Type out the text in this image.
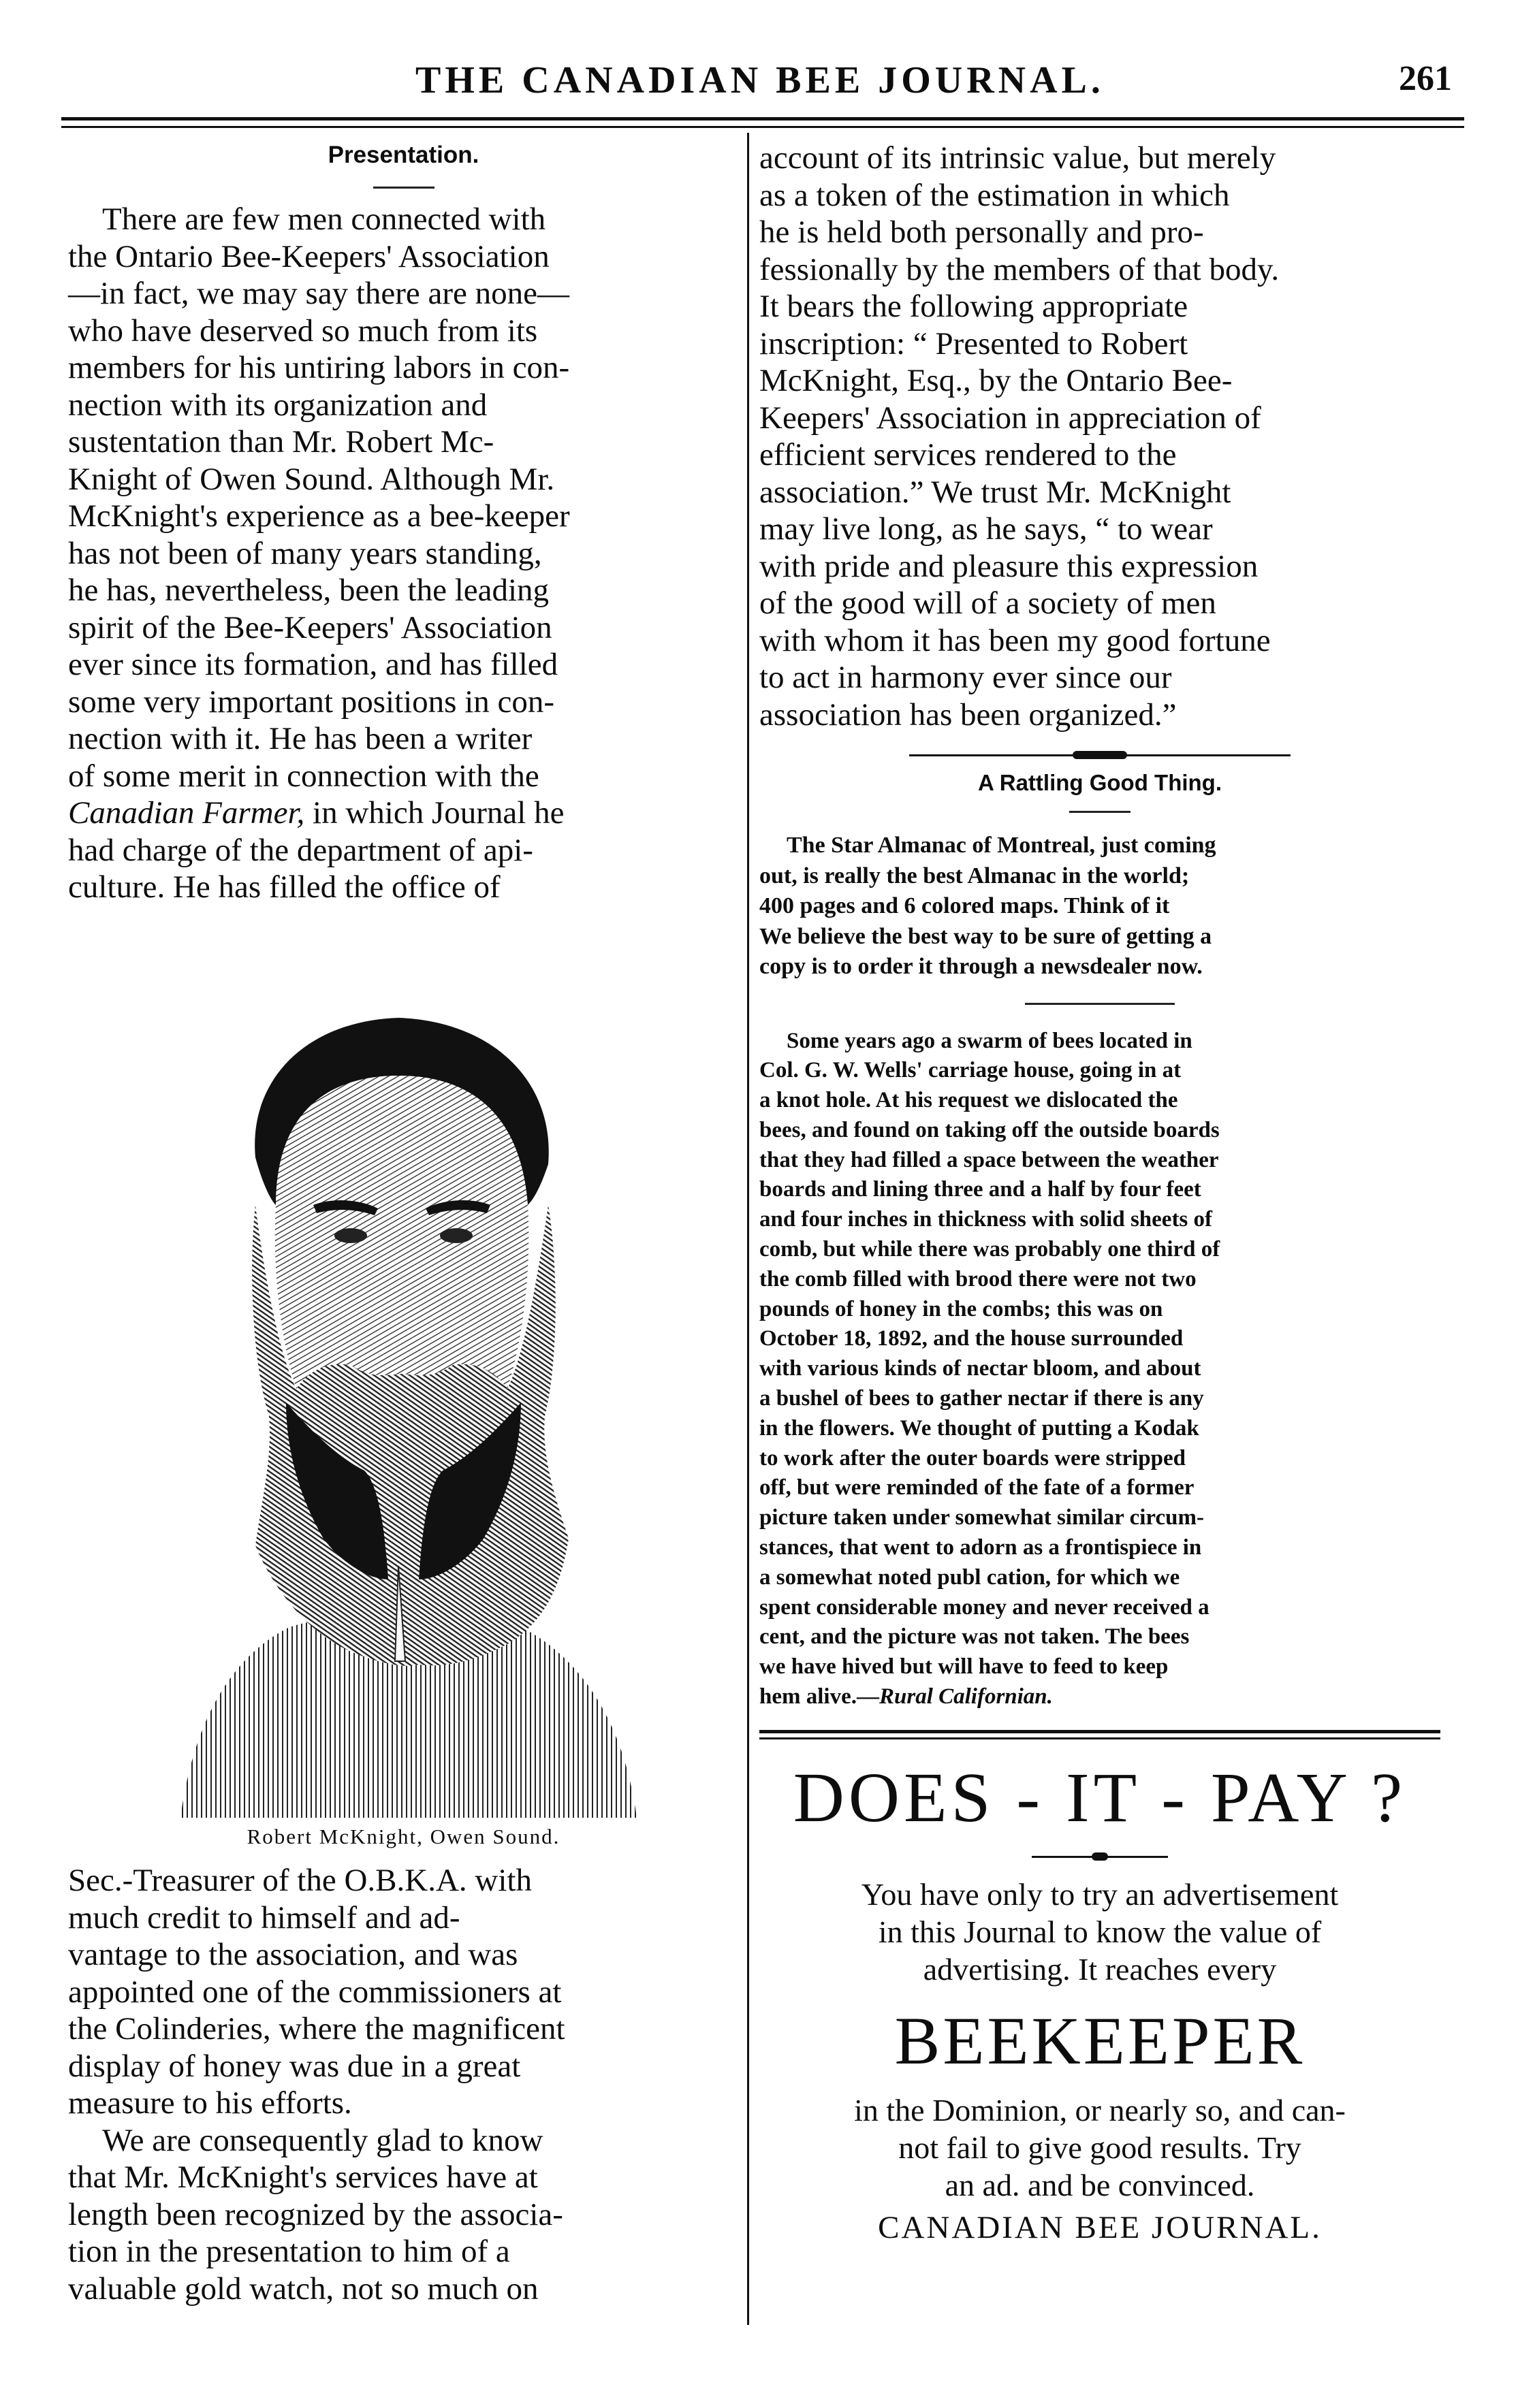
THE CANADIAN BEE JOURNAL.	261
Presentation.

There are few men connected with

the Ontario Bee-Keepers' Association

—in fact, we may say there are none—

who have deserved so much from its

members for his untiring labors in con-

nection with its organization and

sustentation than Mr. Robert Mc-

Knight of Owen Sound. Although Mr.

McKnight's experience as a bee-keeper

has not been of many years standing,

he has, nevertheless, been the leading

spirit of the Bee-Keepers' Association

ever since its formation, and has filled

some very important positions in con-

nection with it. He has been a writer

of some merit in connection with the

Canadian Farmer, in which Journal he

had charge of the department of api-

culture. He has filled the office of

Robert McKnight, Owen Sound.

Sec.-Treasurer of the O.B.K.A. with

much credit to himself and ad-

vantage to the association, and was

appointed one of the commissioners at

the Colinderies, where the magnificent

display of honey was due in a great

measure to his efforts.

We are consequently glad to know

that Mr. McKnight's services have at

length been recognized by the associa-

tion in the presentation to him of a

valuable gold watch, not so much on

account of its intrinsic value, but merely

as a token of the estimation in which

he is held both personally and pro-

fessionally by the members of that body.

It bears the following appropriate

inscription: “ Presented to Robert

McKnight, Esq., by the Ontario Bee-

Keepers' Association in appreciation of

efficient services rendered to the

association.” We trust Mr. McKnight

may live long, as he says, “ to wear

with pride and pleasure this expression

of the good will of a society of men

with whom it has been my good fortune

to act in harmony ever since our

association has been organized.”

A Rattling Good Thing.

The Star Almanac of Montreal, just coming

out, is really the best Almanac in the world;

400 pages and 6 colored maps. Think of it

We believe the best way to be sure of getting a

copy is to order it through a newsdealer now.

Some years ago a swarm of bees located in

Col. G. W. Wells' carriage house, going in at

a knot hole. At his request we dislocated the

bees, and found on taking off the outside boards

that they had filled a space between the weather

boards and lining three and a half by four feet

and four inches in thickness with solid sheets of

comb, but while there was probably one third of

the comb filled with brood there were not two

pounds of honey in the combs; this was on

October 18, 1892, and the house surrounded

with various kinds of nectar bloom, and about

a bushel of bees to gather nectar if there is any

in the flowers. We thought of putting a Kodak

to work after the outer boards were stripped

off, but were reminded of the fate of a former

picture taken under somewhat similar circum-

stances, that went to adorn as a frontispiece in

a somewhat noted publ cation, for which we

spent considerable money and never received a

cent, and the picture was not taken. The bees

we have hived but will have to feed to keep

hem alive.—Rural Californian.

DOES - IT - PAY ?
You have only to try an advertisement
in this Journal to know the value of
advertising. It reaches every
BEEKEEPER
in the Dominion, or nearly so, and can-
not fail to give good results. Try
an ad. and be convinced.
CANADIAN BEE JOURNAL.
